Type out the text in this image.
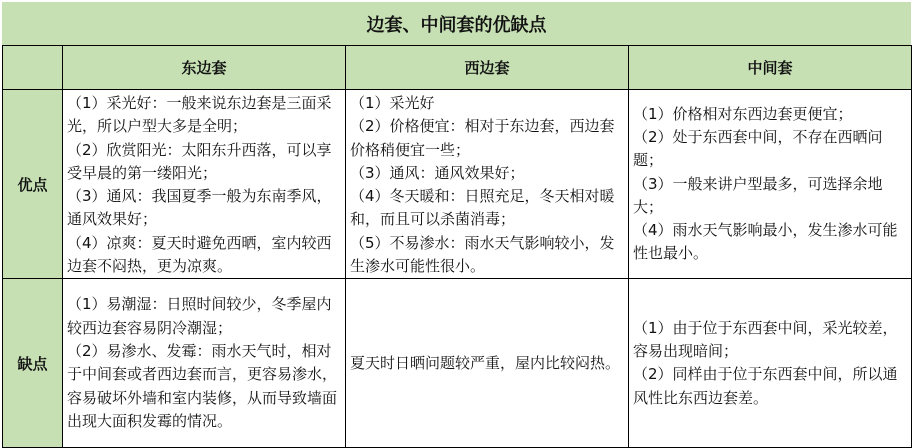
边套、中间套的优缺点
	东边套	西边套	中间套
优点	（1）采光好：一般来说东边套是三面采光，所以户型大多是全明；
（2）欣赏阳光：太阳东升西落，可以享受早晨的第一缕阳光；
（3）通风：我国夏季一般为东南季风，通风效果好；
（4）凉爽：夏天时避免西晒，室内较西边套不闷热，更为凉爽。	（1）采光好
（2）价格便宜：相对于东边套，西边套价格稍便宜一些；
（3）通风：通风效果好；
（4）冬天暖和：日照充足，冬天相对暖和，而且可以杀菌消毒；
（5）不易渗水：雨水天气影响较小，发生渗水可能性很小。	（1）价格相对东西边套更便宜；
（2）处于东西套中间，不存在西晒问题；
（3）一般来讲户型最多，可选择余地大；
（4）雨水天气影响最小，发生渗水可能性也最小。

缺点	（1）易潮湿：日照时间较少，冬季屋内较西边套容易阴冷潮湿；
（2）易渗水、发霉：雨水天气时，相对于中间套或者西边套而言，更容易渗水，容易破坏外墙和室内装修，从而导致墙面出现大面积发霉的情况。	夏天时日晒问题较严重，屋内比较闷热。	（1）由于位于东西套中间，采光较差，容易出现暗间；
（2）同样由于位于东西套中间，所以通风性比东西边套差。
